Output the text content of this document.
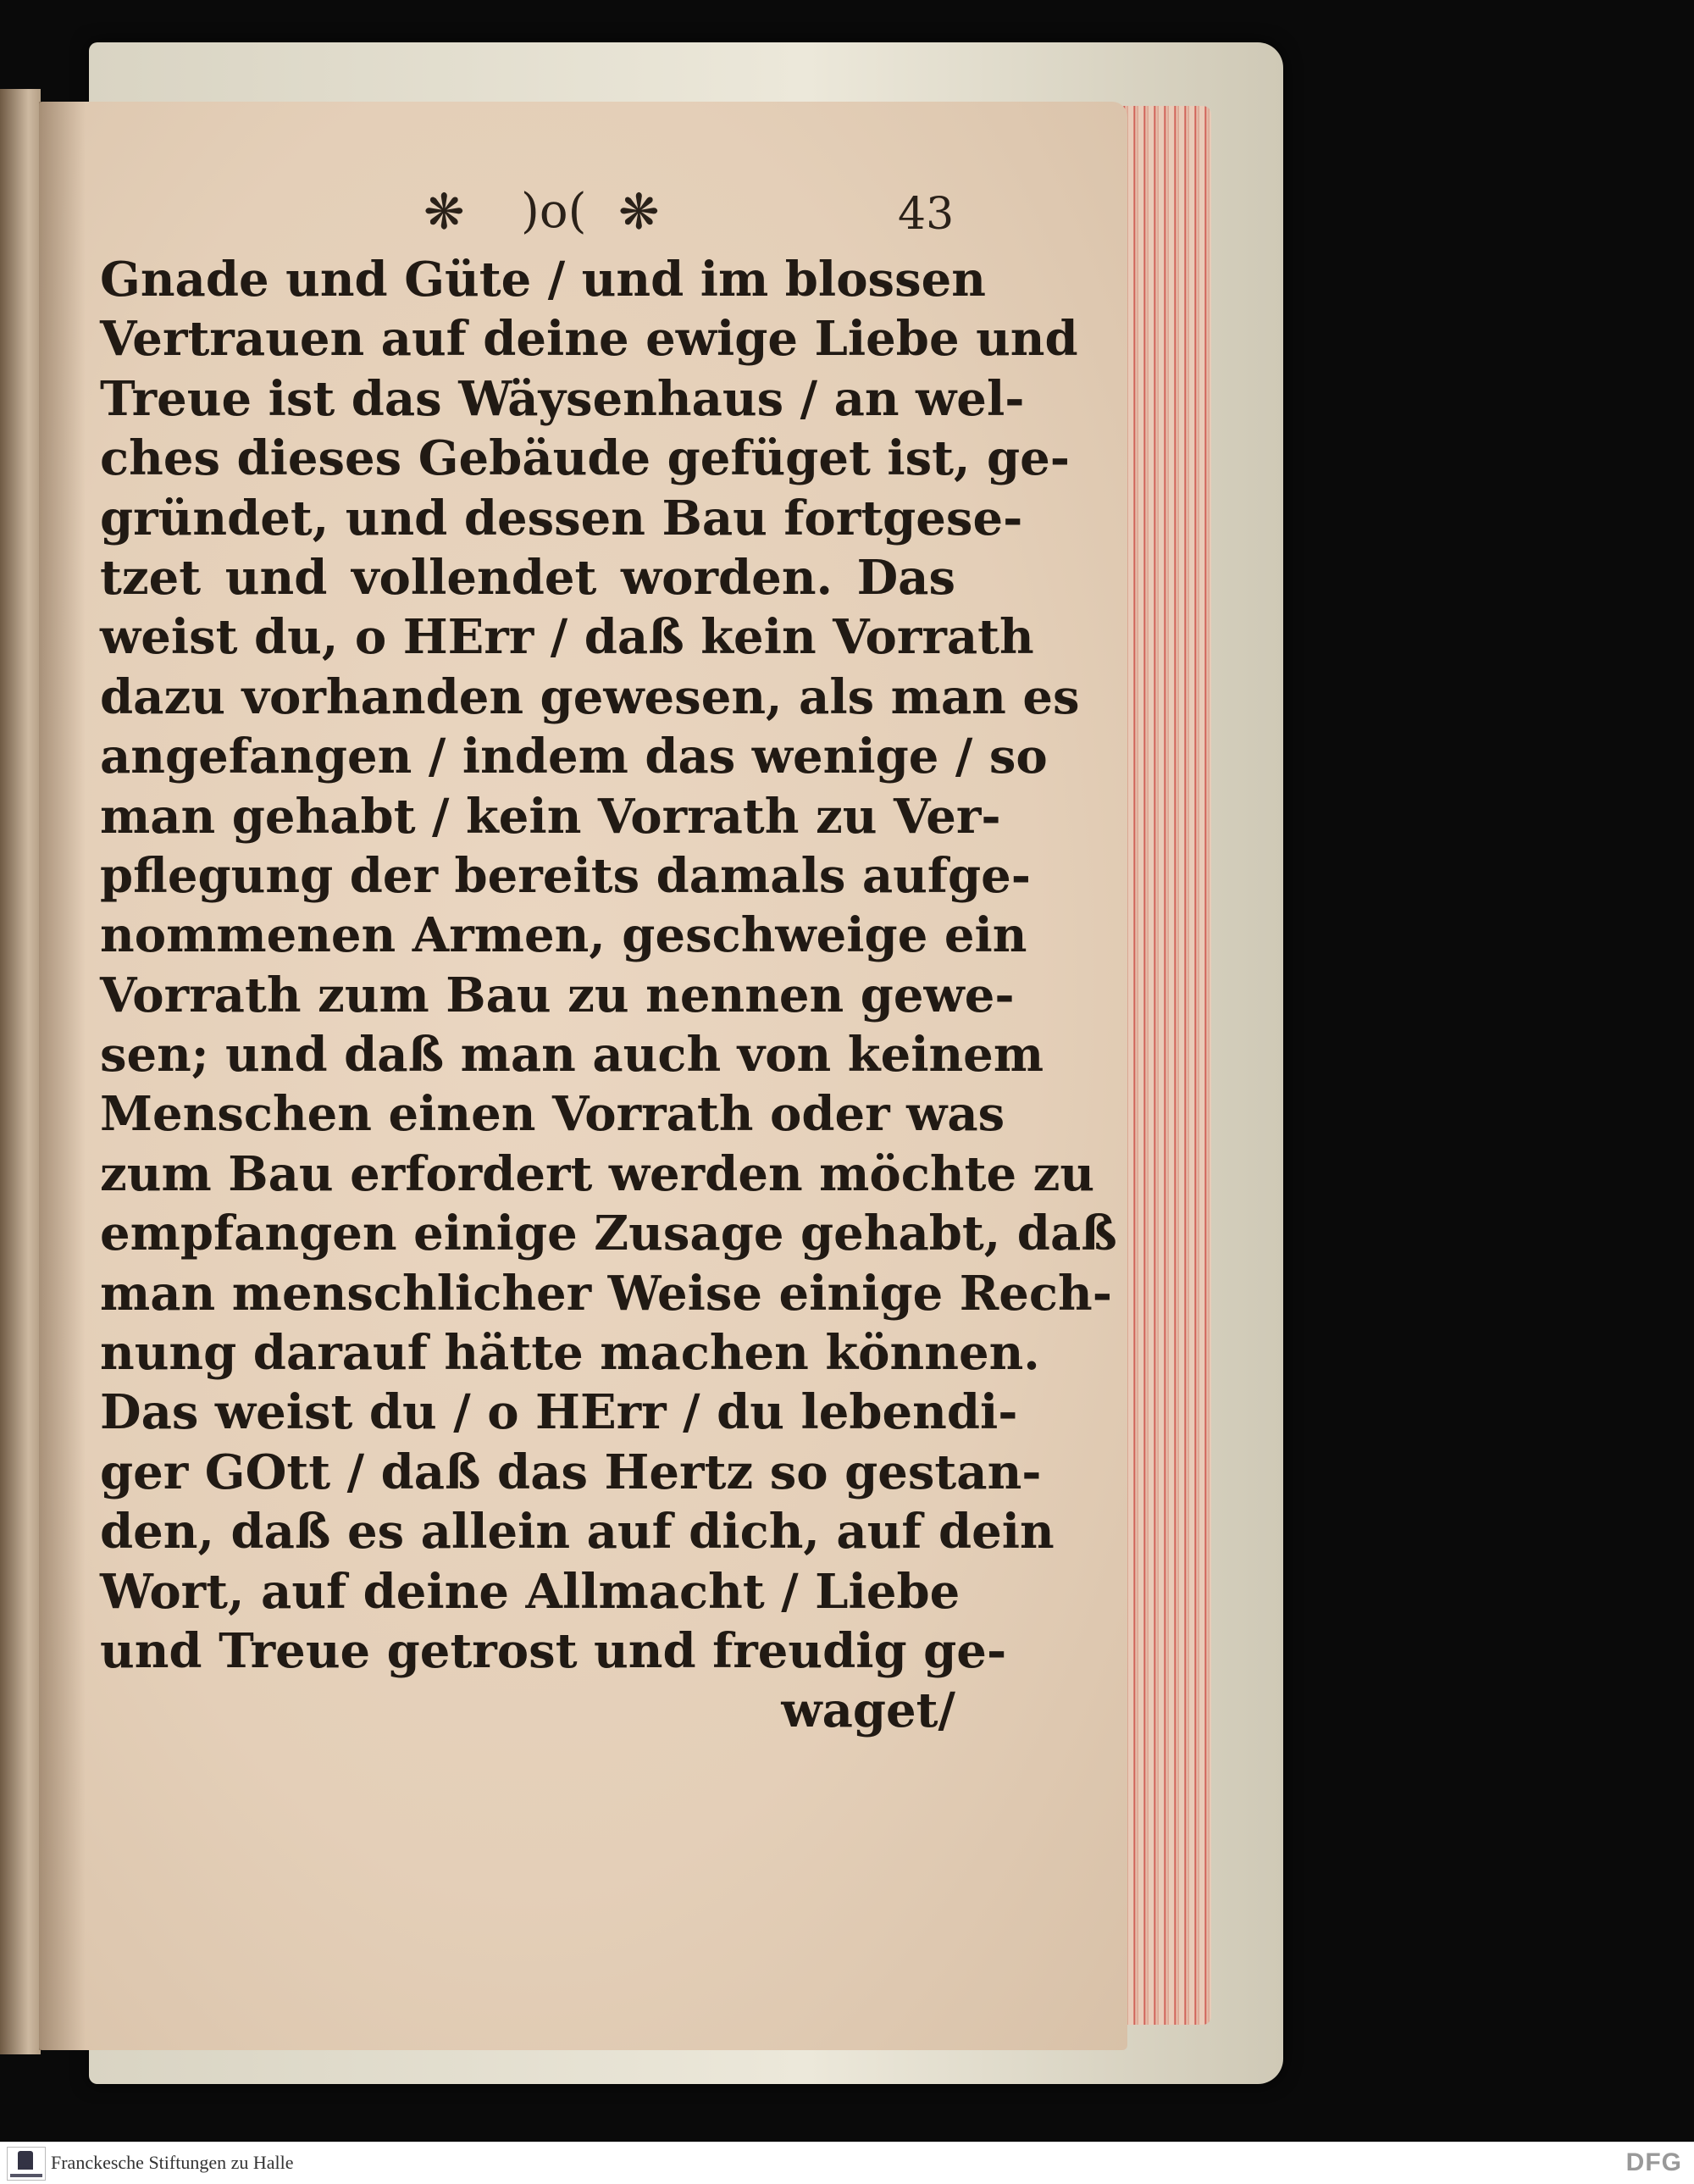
❋ )o( ❋	43
Gnade und Güte / und im blossen
Vertrauen auf deine ewige Liebe und
Treue ist das Wäysenhaus / an wel-
ches dieses Gebäude gefüget ist, ge-
gründet, und dessen Bau fortgese-
tzet und vollendet worden. Das
weist du, o HErr / daß kein Vorrath
dazu vorhanden gewesen, als man es
angefangen / indem das wenige / so
man gehabt / kein Vorrath zu Ver-
pflegung der bereits damals aufge-
nommenen Armen, geschweige ein
Vorrath zum Bau zu nennen gewe-
sen; und daß man auch von keinem
Menschen einen Vorrath oder was
zum Bau erfordert werden möchte zu
empfangen einige Zusage gehabt, daß
man menschlicher Weise einige Rech-
nung darauf hätte machen können.
Das weist du / o HErr / du lebendi-
ger GOtt / daß das Hertz so gestan-
den, daß es allein auf dich, auf dein
Wort, auf deine Allmacht / Liebe
und Treue getrost und freudig ge-
waget/
Franckesche Stiftungen zu Halle	DFG
